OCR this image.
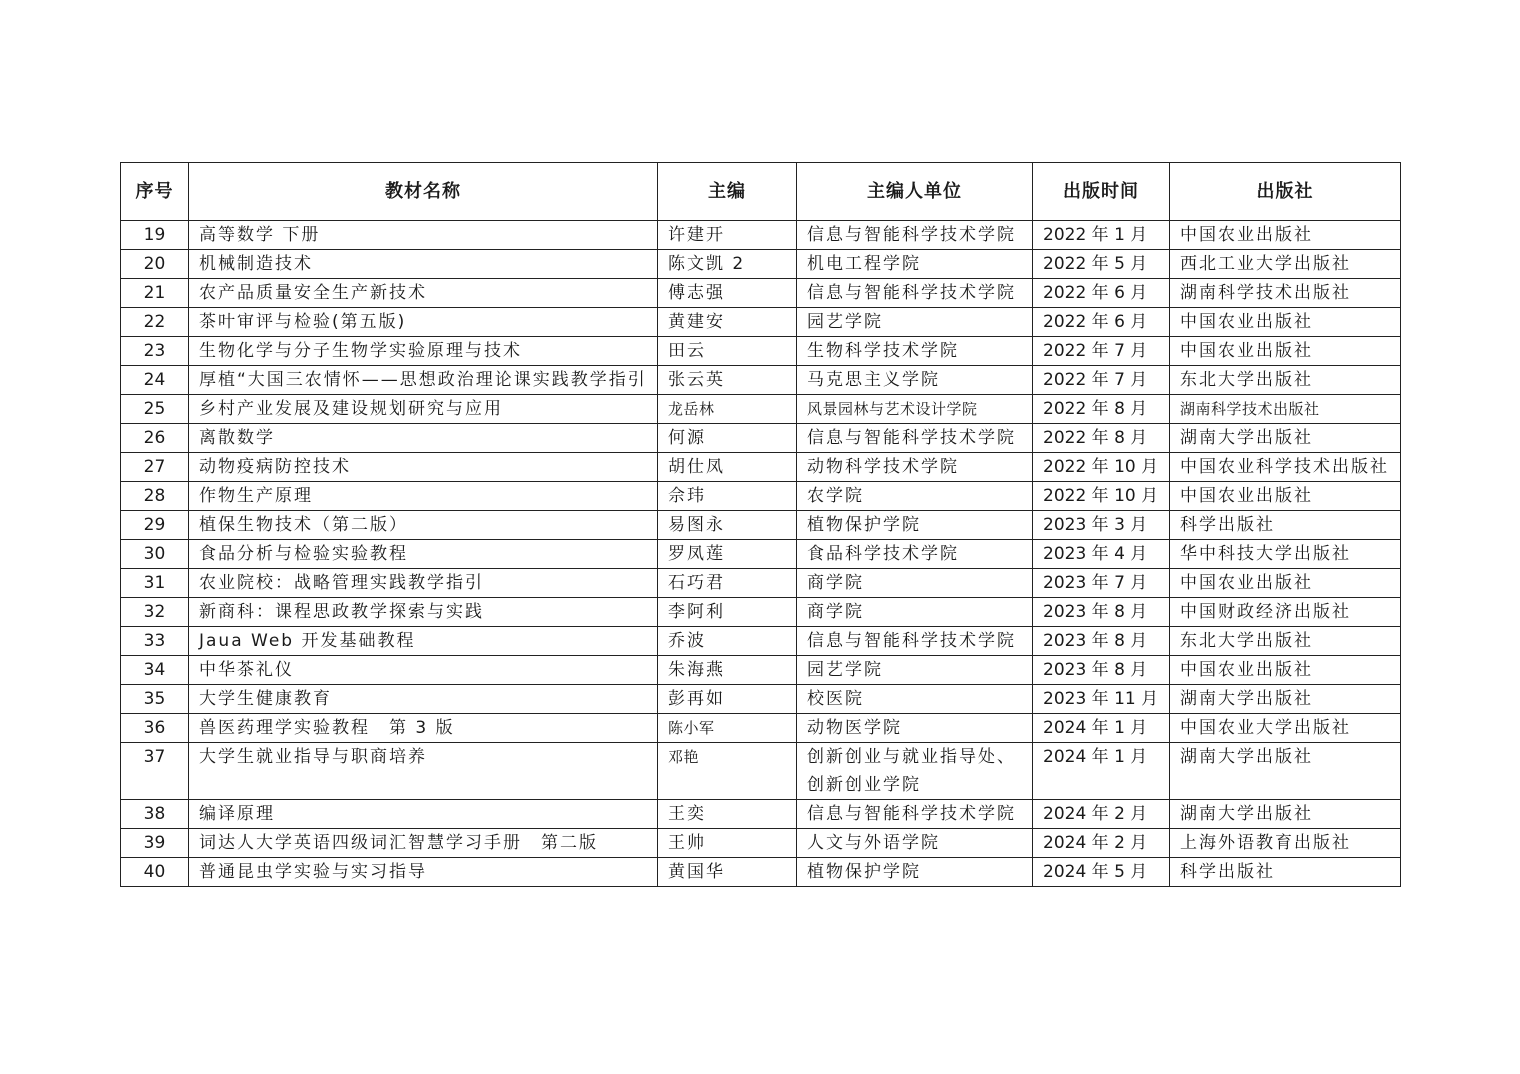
序号	教材名称	主编	主编人单位	出版时间	出版社
19	高等数学 下册	许建开	信息与智能科学技术学院	2022 年 1 月	中国农业出版社
20	机械制造技术	陈文凯 2	机电工程学院	2022 年 5 月	西北工业大学出版社
21	农产品质量安全生产新技术	傅志强	信息与智能科学技术学院	2022 年 6 月	湖南科学技术出版社
22	茶叶审评与检验(第五版)	黄建安	园艺学院	2022 年 6 月	中国农业出版社
23	生物化学与分子生物学实验原理与技术	田云	生物科学技术学院	2022 年 7 月	中国农业出版社
24	厚植“大国三农情怀——思想政治理论课实践教学指引	张云英	马克思主义学院	2022 年 7 月	东北大学出版社
25	乡村产业发展及建设规划研究与应用	龙岳林	风景园林与艺术设计学院	2022 年 8 月	湖南科学技术出版社
26	离散数学	何源	信息与智能科学技术学院	2022 年 8 月	湖南大学出版社
27	动物疫病防控技术	胡仕凤	动物科学技术学院	2022 年 10 月	中国农业科学技术出版社
28	作物生产原理	佘玮	农学院	2022 年 10 月	中国农业出版社
29	植保生物技术（第二版）	易图永	植物保护学院	2023 年 3 月	科学出版社
30	食品分析与检验实验教程	罗凤莲	食品科学技术学院	2023 年 4 月	华中科技大学出版社
31	农业院校：战略管理实践教学指引	石巧君	商学院	2023 年 7 月	中国农业出版社
32	新商科：课程思政教学探索与实践	李阿利	商学院	2023 年 8 月	中国财政经济出版社
33	Jaua Web 开发基础教程	乔波	信息与智能科学技术学院	2023 年 8 月	东北大学出版社
34	中华茶礼仪	朱海燕	园艺学院	2023 年 8 月	中国农业出版社
35	大学生健康教育	彭再如	校医院	2023 年 11 月	湖南大学出版社
36	兽医药理学实验教程　第 3 版	陈小军	动物医学院	2024 年 1 月	中国农业大学出版社
37	大学生就业指导与职商培养	邓艳	创新创业与就业指导处、创新创业学院	2024 年 1 月	湖南大学出版社
38	编译原理	王奕	信息与智能科学技术学院	2024 年 2 月	湖南大学出版社
39	词达人大学英语四级词汇智慧学习手册　第二版	王帅	人文与外语学院	2024 年 2 月	上海外语教育出版社
40	普通昆虫学实验与实习指导	黄国华	植物保护学院	2024 年 5 月	科学出版社
